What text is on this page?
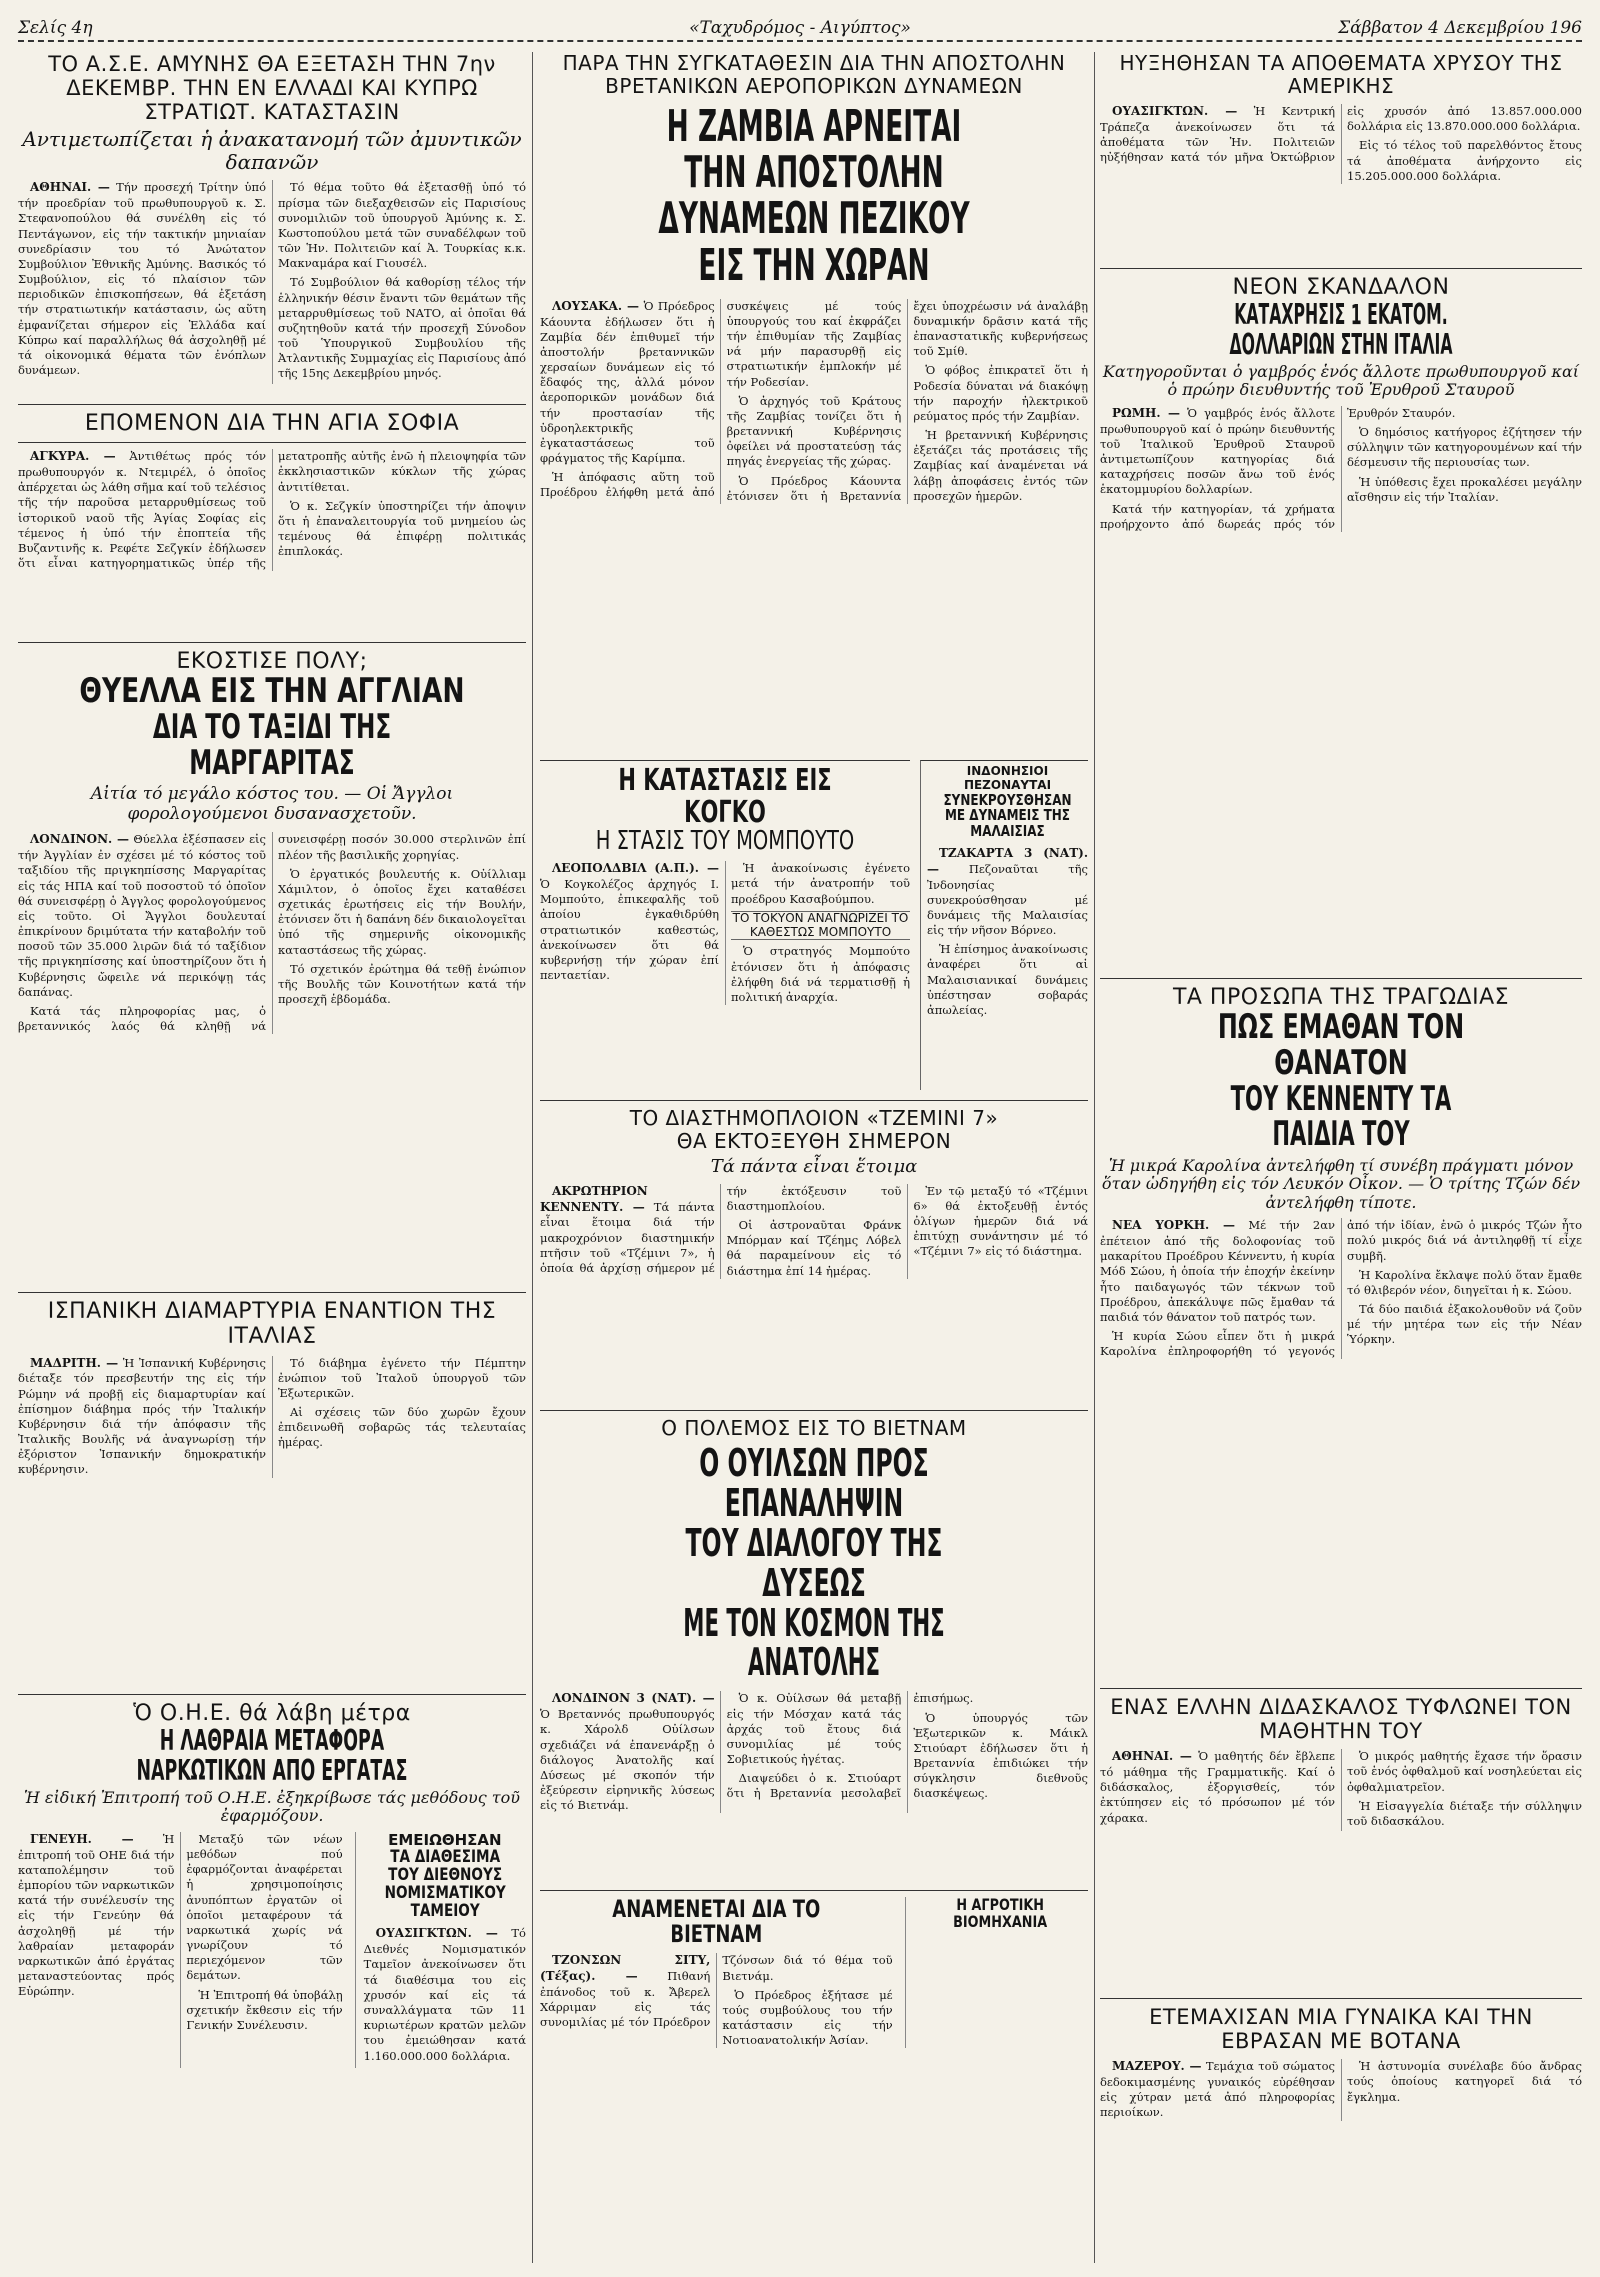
Σελίς 4η	«Ταχυδρόμος - Αιγύπτος»	Σάββατον 4 Δεκεμβρίου 196
ΤΟ Α.Σ.Ε. ΑΜΥΝΗΣ ΘΑ ΕΞΕΤΑΣΗ ΤΗΝ 7ην ΔΕΚΕΜΒΡ. ΤΗΝ ΕΝ ΕΛΛΑΔΙ ΚΑΙ ΚΥΠΡΩ ΣΤΡΑΤΙΩΤ. ΚΑΤΑΣΤΑΣΙΝ
Αντιμετωπίζεται ἡ ἀνακατανομή τῶν ἀμυντικῶν δαπανῶν

ΑΘΗΝΑΙ. — Τήν προσεχή Τρίτην ὑπό τήν προεδρίαν τοῦ πρωθυπουργοῦ κ. Σ. Στεφανοπούλου θά συνέλθη εἰς τό Πεντάγωνον, εἰς τήν τακτικήν μηνιαίαν συνεδρίασιν του τό Ἀνώτατον Συμβούλιον Ἐθνικῆς Ἀμύνης. Βασικός τό Συμβούλιον, εἰς τό πλαίσιον τῶν περιοδικῶν ἐπισκοπήσεων, θά ἐξετάση τήν στρατιωτικήν κατάστασιν, ὡς αὕτη ἐμφανίζεται σήμερον εἰς Ἑλλάδα καί Κύπρω καί παραλλήλως θά ἀσχοληθῇ μέ τά οἰκονομικά θέματα τῶν ἐνόπλων δυνάμεων.

Τό θέμα τοῦτο θά ἐξετασθῇ ὑπό τό πρίσμα τῶν διεξαχθεισῶν εἰς Παρισίους συνομιλιῶν τοῦ ὑπουργοῦ Ἀμύνης κ. Σ. Κωστοπούλου μετά τῶν συναδέλφων τοῦ τῶν Ἡν. Πολιτειῶν καί Ἀ. Τουρκίας κ.κ. Μακναμάρα καί Γιουσέλ.

Τό Συμβούλιον θά καθορίσῃ τέλος τήν ἑλληνικήν θέσιν ἔναντι τῶν θεμάτων τῆς μεταρρυθμίσεως τοῦ ΝΑΤΟ, αἱ ὁποῖαι θά συζητηθοῦν κατά τήν προσεχῆ Σύνοδον τοῦ Ὑπουργικοῦ Συμβουλίου τῆς Ἀτλαντικῆς Συμμαχίας εἰς Παρισίους ἀπό τῆς 15ης Δεκεμβρίου μηνός.

ΕΠΟΜΕΝΟΝ ΔΙΑ ΤΗΝ ΑΓΙΑ ΣΟΦΙΑ

ΑΓΚΥΡΑ. — Ἀντιθέτως πρός τόν πρωθυπουργόν κ. Ντεμιρέλ, ὁ ὁποῖος ἀπέρχεται ὡς λάθη σῆμα καί τοῦ τελέσιος τῆς τήν παροῦσα μεταρρυθμίσεως τοῦ ἱστορικοῦ ναοῦ τῆς Ἁγίας Σοφίας εἰς τέμενος ἡ ὑπό τήν ἐποπτεία τῆς Βυζαντινῆς κ. Ρεφέτε Σεζγκίν ἐδήλωσεν ὅτι εἶναι κατηγορηματικῶς ὑπέρ τῆς μετατροπῆς αὐτῆς ἐνῶ ἡ πλειοψηφία τῶν ἐκκλησιαστικῶν κύκλων τῆς χώρας ἀντιτίθεται.

Ὁ κ. Σεζγκίν ὑποστηρίζει τήν ἀποψιν ὅτι ἡ ἐπαναλειτουργία τοῦ μνημείου ὡς τεμένους θά ἐπιφέρῃ πολιτικάς ἐπιπλοκάς.

ΕΚΟΣΤΙΣΕ ΠΟΛΥ;
ΘΥΕΛΛΑ ΕΙΣ ΤΗΝ ΑΓΓΛΙΑΝ
ΔΙΑ ΤΟ ΤΑΞΙΔΙ ΤΗΣ ΜΑΡΓΑΡΙΤΑΣ
Αἰτία τό μεγάλο κόστος του. — Οἱ Ἄγγλοι φορολογούμενοι δυσανασχετοῦν.

ΛΟΝΔΙΝΟΝ. — Θύελλα ἐξέσπασεν εἰς τήν Ἀγγλίαν ἐν σχέσει μέ τό κόστος τοῦ ταξιδίου τῆς πριγκηπίσσης Μαργαρίτας εἰς τάς ΗΠΑ καί τοῦ ποσοστοῦ τό ὁποῖον θά συνεισφέρῃ ὁ Ἀγγλος φορολογούμενος εἰς τοῦτο. Οἱ Ἄγγλοι δουλευταί ἐπικρίνουν δριμύτατα τήν καταβολήν τοῦ ποσοῦ τῶν 35.000 λιρῶν διά τό ταξίδιον τῆς πριγκηπίσσης καί ὑποστηρίζουν ὅτι ἡ Κυβέρνησις ὤφειλε νά περικόψῃ τάς δαπάνας.

Κατά τάς πληροφορίας μας, ὁ βρεταννικός λαός θά κληθῇ νά συνεισφέρῃ ποσόν 30.000 στερλινῶν ἐπί πλέον τῆς βασιλικῆς χορηγίας.

Ὁ ἐργατικός βουλευτής κ. Οὐίλλιαμ Χάμιλτον, ὁ ὁποῖος ἔχει καταθέσει σχετικάς ἐρωτήσεις εἰς τήν Βουλήν, ἐτόνισεν ὅτι ἡ δαπάνη δέν δικαιολογεῖται ὑπό τῆς σημερινῆς οἰκονομικῆς καταστάσεως τῆς χώρας.

Τό σχετικόν ἐρώτημα θά τεθῇ ἐνώπιον τῆς Βουλῆς τῶν Κοινοτήτων κατά τήν προσεχῆ ἑβδομάδα.

ΙΣΠΑΝΙΚΗ ΔΙΑΜΑΡΤΥΡΙΑ ΕΝΑΝΤΙΟΝ ΤΗΣ ΙΤΑΛΙΑΣ

ΜΑΔΡΙΤΗ. — Ἡ Ἰσπανική Κυβέρνησις διέταξε τόν πρεσβευτήν της εἰς τήν Ρώμην νά προβῇ εἰς διαμαρτυρίαν καί ἐπίσημον διάβημα πρός τήν Ἰταλικήν Κυβέρνησιν διά τήν ἀπόφασιν τῆς Ἰταλικῆς Βουλῆς νά ἀναγνωρίσῃ τήν ἐξόριστον Ἰσπανικήν δημοκρατικήν κυβέρνησιν.

Τό διάβημα ἐγένετο τήν Πέμπτην ἐνώπιον τοῦ Ἰταλοῦ ὑπουργοῦ τῶν Ἐξωτερικῶν.

Αἱ σχέσεις τῶν δύο χωρῶν ἔχουν ἐπιδεινωθῆ σοβαρῶς τάς τελευταίας ἡμέρας.

Ὁ Ο.Η.Ε. θά λάβη μέτρα
Η ΛΑΘΡΑΙΑ ΜΕΤΑΦΟΡΑ ΝΑΡΚΩΤΙΚΩΝ ΑΠΟ ΕΡΓΑΤΑΣ
Ἡ εἰδική Ἐπιτροπή τοῦ Ο.Η.Ε. ἐξηκρίβωσε τάς μεθόδους τοῦ ἐφαρμόζουν.

ΓΕΝΕΥΗ. —	Ἡ ἐπιτροπή τοῦ ΟΗΕ διά τήν καταπολέμησιν τοῦ ἐμπορίου τῶν ναρκωτικῶν κατά τήν συνέλευσίν της εἰς τήν Γενεύην θά ἀσχοληθῇ μέ τήν λαθραίαν μεταφοράν ναρκωτικῶν ἀπό ἐργάτας μεταναστεύοντας πρός Εὐρώπην.

Μεταξύ τῶν νέων μεθόδων πού ἐφαρμόζονται ἀναφέρεται ἡ χρησιμοποίησις ἀνυπόπτων ἐργατῶν οἱ ὁποῖοι μεταφέρουν τά ναρκωτικά χωρίς νά γνωρίζουν τό περιεχόμενον τῶν δεμάτων.

Ἡ Ἐπιτροπή θά ὑποβάλῃ σχετικήν ἔκθεσιν εἰς τήν Γενικήν Συνέλευσιν.

ΕΜΕΙΩΘΗΣΑΝ
ΤΑ ΔΙΑΘΕΣΙΜΑ ΤΟΥ ΔΙΕΘΝΟΥΣ ΝΟΜΙΣΜΑΤΙΚΟΥ ΤΑΜΕΙΟΥ

ΟΥΑΣΙΓΚΤΩΝ. — Τό Διεθνές Νομισματικόν Ταμεῖον ἀνεκοίνωσεν ὅτι τά διαθέσιμα του εἰς χρυσόν καί εἰς τά συναλλάγματα τῶν 11 κυριωτέρων κρατῶν μελῶν του ἐμειώθησαν κατά 1.160.000.000 δολλάρια.

ΠΑΡΑ ΤΗΝ ΣΥΓΚΑΤΑΘΕΣΙΝ ΔΙΑ ΤΗΝ ΑΠΟΣΤΟΛΗΝ ΒΡΕΤΑΝΙΚΩΝ ΑΕΡΟΠΟΡΙΚΩΝ ΔΥΝΑΜΕΩΝ
Η ΖΑΜΒΙΑ ΑΡΝΕΙΤΑΙ ΤΗΝ ΑΠΟΣΤΟΛΗΝ
ΔΥΝΑΜΕΩΝ ΠΕΖΙΚΟΥ ΕΙΣ ΤΗΝ ΧΩΡΑΝ

ΛΟΥΣΑΚΑ. — Ὁ Πρόεδρος Κάουντα ἐδήλωσεν ὅτι ἡ Ζαμβία δέν ἐπιθυμεῖ τήν ἀποστολήν βρεταννικῶν χερσαίων δυνάμεων εἰς τό ἔδαφός της, ἀλλά μόνον ἀεροπορικῶν μονάδων διά τήν προστασίαν τῆς ὑδροηλεκτρικῆς ἐγκαταστάσεως τοῦ φράγματος τῆς Καρίμπα.

Ἡ ἀπόφασις αὕτη τοῦ Προέδρου ἐλήφθη μετά ἀπό συσκέψεις μέ τούς ὑπουργούς του καί ἐκφράζει τήν ἐπιθυμίαν τῆς Ζαμβίας νά μήν παρασυρθῇ εἰς στρατιωτικήν ἐμπλοκήν μέ τήν Ροδεσίαν.

Ὁ ἀρχηγός τοῦ Κράτους τῆς Ζαμβίας τονίζει ὅτι ἡ βρεταννική Κυβέρνησις ὀφείλει νά προστατεύσῃ τάς πηγάς ἐνεργείας τῆς χώρας.

Ὁ Πρόεδρος Κάουντα ἐτόνισεν ὅτι ἡ Βρεταννία ἔχει ὑποχρέωσιν νά ἀναλάβῃ δυναμικήν δρᾶσιν κατά τῆς ἐπαναστατικῆς κυβερνήσεως τοῦ Σμίθ.

Ὁ φόβος ἐπικρατεῖ ὅτι ἡ Ροδεσία δύναται νά διακόψῃ τήν παροχήν ἠλεκτρικοῦ ρεύματος πρός τήν Ζαμβίαν.

Ἡ βρεταννική Κυβέρνησις ἐξετάζει τάς προτάσεις τῆς Ζαμβίας καί ἀναμένεται νά λάβῃ ἀποφάσεις ἐντός τῶν προσεχῶν ἡμερῶν.

Η ΚΑΤΑΣΤΑΣΙΣ ΕΙΣ ΚΟΓΚΟ
Η ΣΤΑΣΙΣ ΤΟΥ ΜΟΜΠΟΥΤΟ

ΛΕΟΠΟΛΔΒΙΛ (Α.Π.). — Ὁ Κογκολέζος ἀρχηγός Ι. Μομπούτο, ἐπικεφαλῆς τοῦ ἀποίου ἐγκαθιδρύθη στρατιωτικόν καθεστώς, ἀνεκοίνωσεν ὅτι θά κυβερνήσῃ τήν χώραν ἐπί πενταετίαν.

Ἡ ἀνακοίνωσις ἐγένετο μετά τήν ἀνατροπήν τοῦ προέδρου Κασαβούμπου.

ΤΟ ΤΟΚΥΟΝ ΑΝΑΓΝΩΡΙΖΕΙ ΤΟ ΚΑΘΕΣΤΩΣ ΜΟΜΠΟΥΤΟ

Ὁ στρατηγός Μομπούτο ἐτόνισεν ὅτι ἡ ἀπόφασις ἐλήφθη διά νά τερματισθῇ ἡ πολιτική ἀναρχία.

ΙΝΔΟΝΗΣΙΟΙ ΠΕΖΟΝΑΥΤΑΙ
ΣΥΝΕΚΡΟΥΣΘΗΣΑΝ ΜΕ ΔΥΝΑΜΕΙΣ ΤΗΣ ΜΑΛΑΙΣΙΑΣ

ΤΖΑΚΑΡΤΑ 3 (ΝΑΤ). —	Πεζοναῦται τῆς Ἰνδονησίας συνεκρούσθησαν μέ δυνάμεις τῆς Μαλαισίας εἰς τήν νῆσον Βόρνεο.

Ἡ ἐπίσημος ἀνακοίνωσις ἀναφέρει ὅτι αἱ Μαλαισιανικαί δυνάμεις ὑπέστησαν σοβαράς ἀπωλείας.

ΤΟ ΔΙΑΣΤΗΜΟΠΛΟΙΟΝ «ΤΖΕΜΙΝΙ 7»
ΘΑ ΕΚΤΟΞΕΥΘΗ ΣΗΜΕΡΟΝ
Τά πάντα εἶναι ἕτοιμα

ΑΚΡΩΤΗΡΙΟΝ ΚΕΝΝΕΝΤΥ. — Τά πάντα εἶναι ἕτοιμα διά τήν μακροχρόνιον διαστημικήν πτῆσιν τοῦ «Τζέμινι 7», ἡ ὁποία θά ἀρχίσῃ σήμερον μέ τήν ἐκτόξευσιν τοῦ διαστημοπλοίου.

Οἱ ἀστροναῦται Φράνκ Μπόρμαν καί Τζέημς Λόβελ θά παραμείνουν εἰς τό διάστημα ἐπί 14 ἡμέρας.

Ἐν τῷ μεταξύ τό «Τζέμινι 6» θά ἐκτοξευθῇ ἐντός ὀλίγων ἡμερῶν διά νά ἐπιτύχῃ συνάντησιν μέ τό «Τζέμινι 7» εἰς τό διάστημα.

Ο ΠΟΛΕΜΟΣ ΕΙΣ ΤΟ ΒΙΕΤΝΑΜ
Ο ΟΥΙΛΣΩΝ ΠΡΟΣ ΕΠΑΝΑΛΗΨΙΝ
ΤΟΥ ΔΙΑΛΟΓΟΥ ΤΗΣ ΔΥΣΕΩΣ
ΜΕ ΤΟΝ ΚΟΣΜΟΝ ΤΗΣ ΑΝΑΤΟΛΗΣ

ΛΟΝΔΙΝΟΝ 3 (ΝΑΤ). — Ὁ Βρεταννός πρωθυπουργός κ. Χάρολδ Οὐίλσων σχεδιάζει νά ἐπανενάρξῃ ὁ διάλογος Ἀνατολῆς καί Δύσεως μέ σκοπόν τήν ἐξεύρεσιν εἰρηνικῆς λύσεως εἰς τό Βιετνάμ.

Ὁ κ. Οὐίλσων θά μεταβῇ εἰς τήν Μόσχαν κατά τάς ἀρχάς τοῦ ἔτους διά συνομιλίας μέ τούς Σοβιετικούς ἡγέτας.

Διαψεύδει ὁ κ. Στιούαρτ ὅτι ἡ Βρεταννία μεσολαβεῖ ἐπισήμως.

Ὁ ὑπουργός τῶν Ἐξωτερικῶν κ. Μάικλ Στιούαρτ ἐδήλωσεν ὅτι ἡ Βρεταννία ἐπιδιώκει τήν σύγκλησιν διεθνοῦς διασκέψεως.

ΑΝΑΜΕΝΕΤΑΙ ΔΙΑ ΤΟ ΒΙΕΤΝΑΜ

ΤΖΟΝΣΩΝ ΣΙΤΥ, (Τέξας). —	Πιθανή ἐπάνοδος τοῦ κ. Ἄβερελ Χάρριμαν εἰς τάς συνομιλίας μέ τόν Πρόεδρον Τζόνσων διά τό θέμα τοῦ Βιετνάμ.

Ὁ Πρόεδρος ἐξήτασε μέ τούς συμβούλους του τήν κατάστασιν εἰς τήν Νοτιοανατολικήν Ἀσίαν.

Η ΑΓΡΟΤΙΚΗ ΒΙΟΜΗΧΑΝΙΑ
ΗΥΞΗΘΗΣΑΝ ΤΑ ΑΠΟΘΕΜΑΤΑ ΧΡΥΣΟΥ ΤΗΣ ΑΜΕΡΙΚΗΣ

ΟΥΑΣΙΓΚΤΩΝ. — Ἡ Κεντρική Τράπεζα ἀνεκοίνωσεν ὅτι τά ἀποθέματα τῶν Ἡν. Πολιτειῶν ηὐξήθησαν κατά τόν μῆνα Ὀκτώβριον εἰς χρυσόν ἀπό 13.857.000.000 δολλάρια εἰς 13.870.000.000 δολλάρια.

Εἰς τό τέλος τοῦ παρελθόντος ἔτους τά ἀποθέματα ἀνήρχοντο εἰς 15.205.000.000 δολλάρια.

ΝΕΟΝ ΣΚΑΝΔΑΛΟΝ
ΚΑΤΑΧΡΗΣΙΣ 1 ΕΚΑΤΟΜ. ΔΟΛΛΑΡΙΩΝ ΣΤΗΝ ΙΤΑΛΙΑ
Κατηγοροῦνται ὁ γαμβρός ἑνός ἄλλοτε πρωθυπουργοῦ καί ὁ πρώην διευθυντής τοῦ Ἐρυθροῦ Σταυροῦ

ΡΩΜΗ. — Ὁ γαμβρός ἑνός ἄλλοτε πρωθυπουργοῦ καί ὁ πρώην διευθυντής τοῦ Ἰταλικοῦ Ἐρυθροῦ Σταυροῦ ἀντιμετωπίζουν κατηγορίας διά καταχρήσεις ποσῶν ἄνω τοῦ ἑνός ἑκατομμυρίου δολλαρίων.

Κατά τήν κατηγορίαν, τά χρήματα προήρχοντο ἀπό δωρεάς πρός τόν Ἐρυθρόν Σταυρόν.

Ὁ δημόσιος κατήγορος ἐζήτησεν τήν σύλληψιν τῶν κατηγορουμένων καί τήν δέσμευσιν τῆς περιουσίας των.

Ἡ ὑπόθεσις ἔχει προκαλέσει μεγάλην αἴσθησιν εἰς τήν Ἰταλίαν.

ΤΑ ΠΡΟΣΩΠΑ ΤΗΣ ΤΡΑΓΩΔΙΑΣ
ΠΩΣ ΕΜΑΘΑΝ ΤΟΝ ΘΑΝΑΤΟΝ
ΤΟΥ ΚΕΝΝΕΝΤΥ ΤΑ ΠΑΙΔΙΑ ΤΟΥ
Ἡ μικρά Καρολίνα ἀντελήφθη τί συνέβη πράγματι μόνον ὅταν ὡδηγήθη εἰς τόν Λευκόν Οἶκον. — Ὁ τρίτης Τζών δέν ἀντελήφθη τίποτε.

ΝΕΑ ΥΟΡΚΗ. — Μέ τήν 2αν ἐπέτειον ἀπό τῆς δολοφονίας τοῦ μακαρίτου Προέδρου Κέννεντυ, ἡ κυρία Μόδ Σώου, ἡ ὁποία τήν ἐποχήν ἐκείνην ἦτο παιδαγωγός τῶν τέκνων τοῦ Προέδρου, ἀπεκάλυψε πῶς ἔμαθαν τά παιδιά τόν θάνατον τοῦ πατρός των.

Ἡ κυρία Σώου εἶπεν ὅτι ἡ μικρά Καρολίνα ἐπληροφορήθη τό γεγονός ἀπό τήν ἰδίαν, ἐνῶ ὁ μικρός Τζών ἦτο πολύ μικρός διά νά ἀντιληφθῇ τί εἶχε συμβῆ.

Ἡ Καρολίνα ἔκλαψε πολύ ὅταν ἔμαθε τό θλιβερόν νέον, διηγεῖται ἡ κ. Σώου.

Τά δύο παιδιά ἐξακολουθοῦν νά ζοῦν μέ τήν μητέρα των εἰς τήν Νέαν Ὑόρκην.

ΕΝΑΣ ΕΛΛΗΝ ΔΙΔΑΣΚΑΛΟΣ ΤΥΦΛΩΝΕΙ ΤΟΝ ΜΑΘΗΤΗΝ ΤΟΥ

ΑΘΗΝΑΙ. — Ὁ μαθητής δέν ἔβλεπε τό μάθημα τῆς Γραμματικῆς. Καί ὁ διδάσκαλος, ἐξοργισθείς, τόν ἐκτύπησεν εἰς τό πρόσωπον μέ τόν χάρακα.

Ὁ μικρός μαθητής ἔχασε τήν ὅρασιν τοῦ ἑνός ὀφθαλμοῦ καί νοσηλεύεται εἰς ὀφθαλμιατρεῖον.

Ἡ Εἰσαγγελία διέταξε τήν σύλληψιν τοῦ διδασκάλου.

ΕΤΕΜΑΧΙΣΑΝ ΜΙΑ ΓΥΝΑΙΚΑ ΚΑΙ ΤΗΝ ΕΒΡΑΣΑΝ ΜΕ ΒΟΤΑΝΑ

ΜΑΖΕΡΟΥ. — Τεμάχια τοῦ σώματος δεδοκιμασμένης γυναικός εὑρέθησαν εἰς χύτραν μετά ἀπό πληροφορίας περιοίκων.

Ἡ ἀστυνομία συνέλαβε δύο ἄνδρας τούς ὁποίους κατηγορεῖ διά τό ἔγκλημα.
